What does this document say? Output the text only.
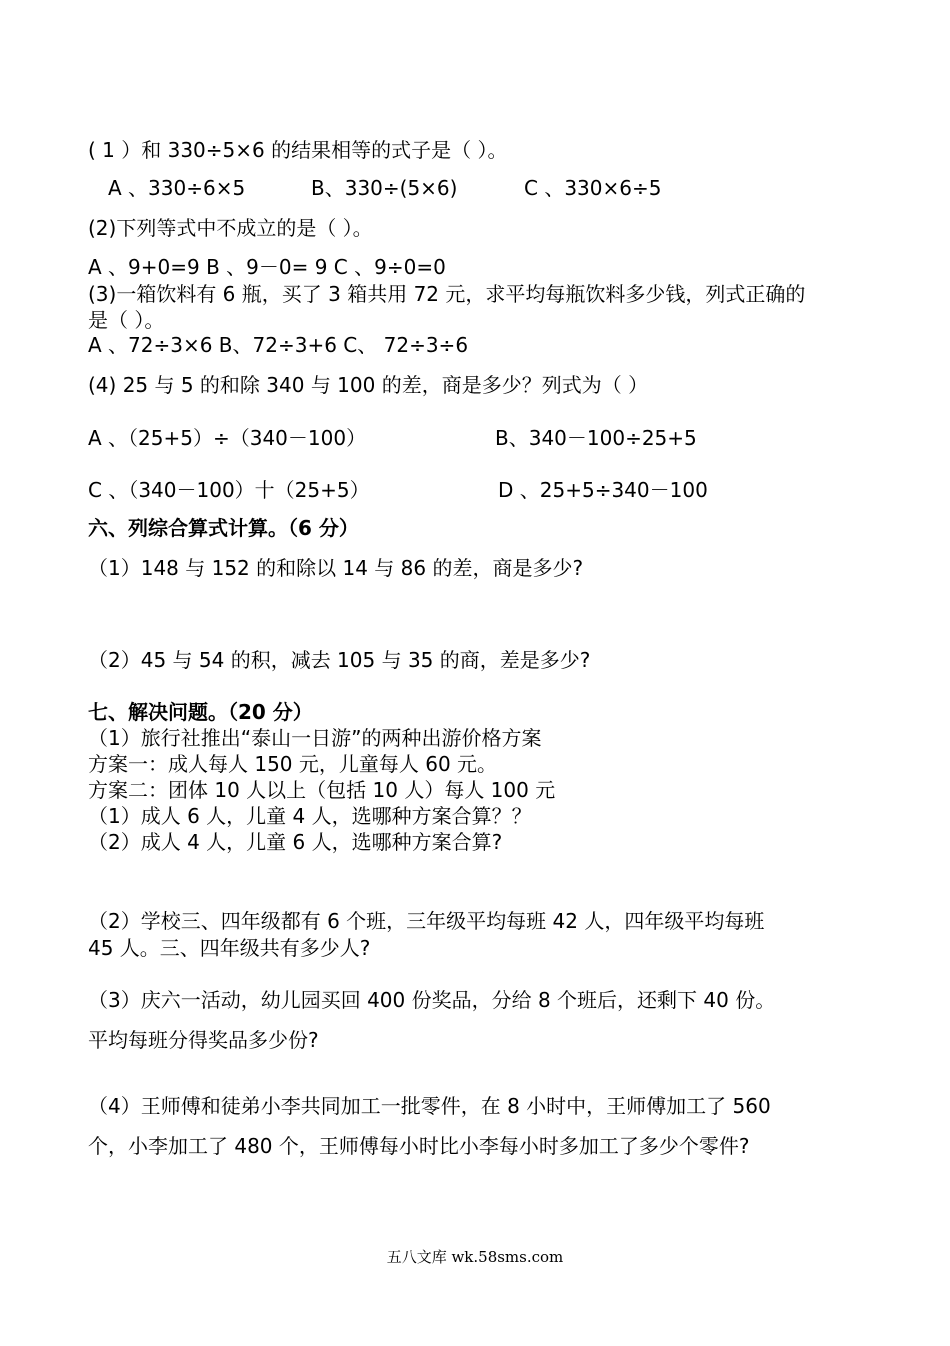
( 1 ）和 330÷5×6 的结果相等的式子是（ ）。
A 、330÷6×5	B、330÷(5×6)	C 、330×6÷5
(2)下列等式中不成立的是（ ）。
A 、9+0=9 B 、9－0= 9 C 、9÷0=0
(3)一箱饮料有 6 瓶，买了 3 箱共用 72 元，求平均每瓶饮料多少钱，列式正确的
是（ ）。
A 、72÷3×6 B、72÷3+6 C、 72÷3÷6
(4) 25 与 5 的和除 340 与 100 的差，商是多少？列式为（ ）
A 、（25+5）÷（340－100）	B、340－100÷25+5
C 、（340－100）十（25+5）	D 、25+5÷340－100
六、列综合算式计算。（6 分）
（1）148 与 152 的和除以 14 与 86 的差，商是多少?
（2）45 与 54 的积，减去 105 与 35 的商，差是多少?
七、解决问题。（20 分）
（1）旅行社推出“泰山一日游”的两种出游价格方案
方案一：成人每人 150 元，儿童每人 60 元。
方案二：团体 10 人以上（包括 10 人）每人 100 元
（1）成人 6 人，儿童 4 人，选哪种方案合算？？
（2）成人 4 人，儿童 6 人，选哪种方案合算?
（2）学校三、四年级都有 6 个班，三年级平均每班 42 人，四年级平均每班
45 人。三、四年级共有多少人?
（3）庆六一活动，幼儿园买回 400 份奖品，分给 8 个班后，还剩下 40 份。
平均每班分得奖品多少份?
（4）王师傅和徒弟小李共同加工一批零件，在 8 小时中，王师傅加工了 560
个，小李加工了 480 个，王师傅每小时比小李每小时多加工了多少个零件?
五八文库 wk.58sms.com
